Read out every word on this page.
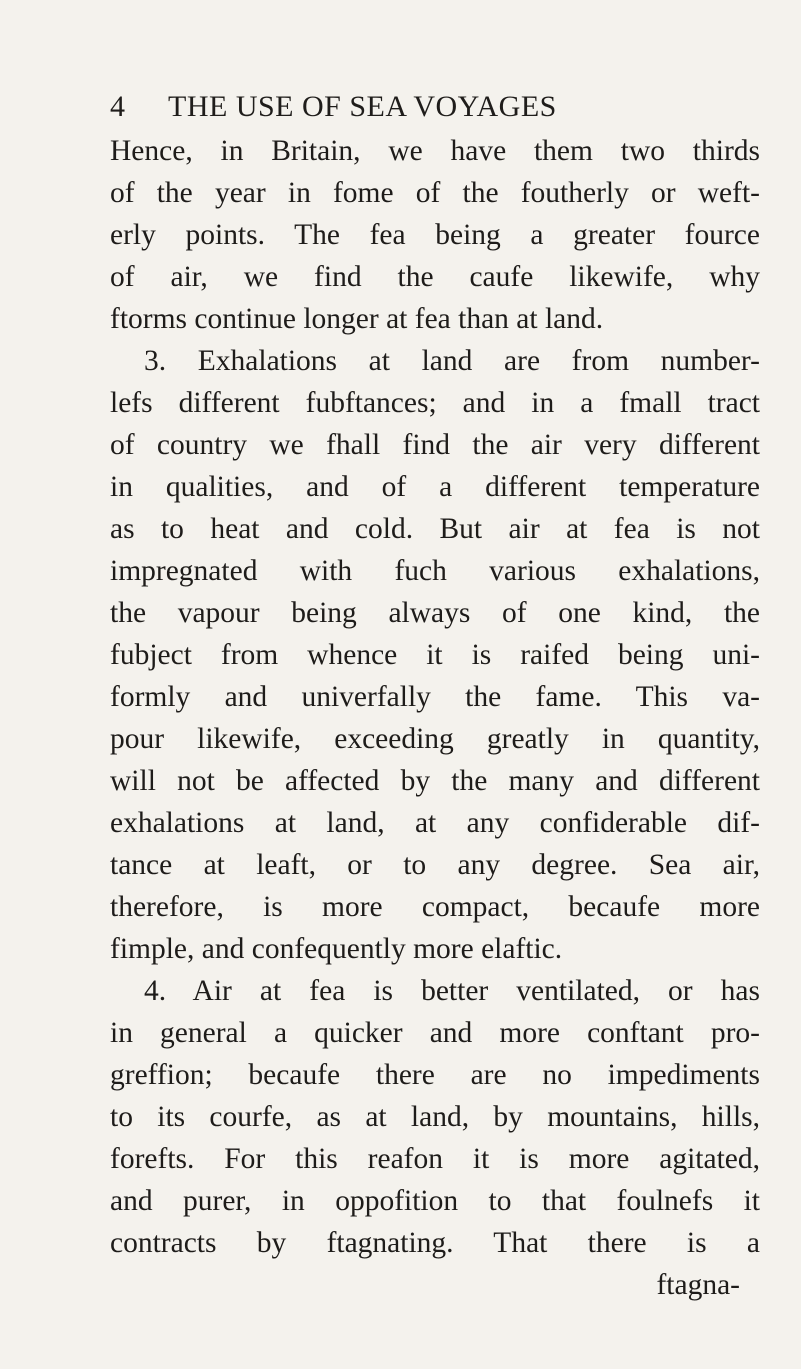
4 THE USE OF SEA VOYAGES
Hence, in Britain, we have them two thirds
of the year in fome of the foutherly or weft-
erly points. The fea being a greater fource
of air, we find the caufe likewife, why
ftorms continue longer at fea than at land.
3. Exhalations at land are from number-
lefs different fubftances; and in a fmall tract
of country we fhall find the air very different
in qualities, and of a different temperature
as to heat and cold. But air at fea is not
impregnated with fuch various exhalations,
the vapour being always of one kind, the
fubject from whence it is raifed being uni-
formly and univerfally the fame. This va-
pour likewife, exceeding greatly in quantity,
will not be affected by the many and different
exhalations at land, at any confiderable dif-
tance at leaft, or to any degree. Sea air,
therefore, is more compact, becaufe more
fimple, and confequently more elaftic.
4. Air at fea is better ventilated, or has
in general a quicker and more conftant pro-
greffion; becaufe there are no impediments
to its courfe, as at land, by mountains, hills,
forefts. For this reafon it is more agitated,
and purer, in oppofition to that foulnefs it
contracts by ftagnating. That there is a
ftagna-
